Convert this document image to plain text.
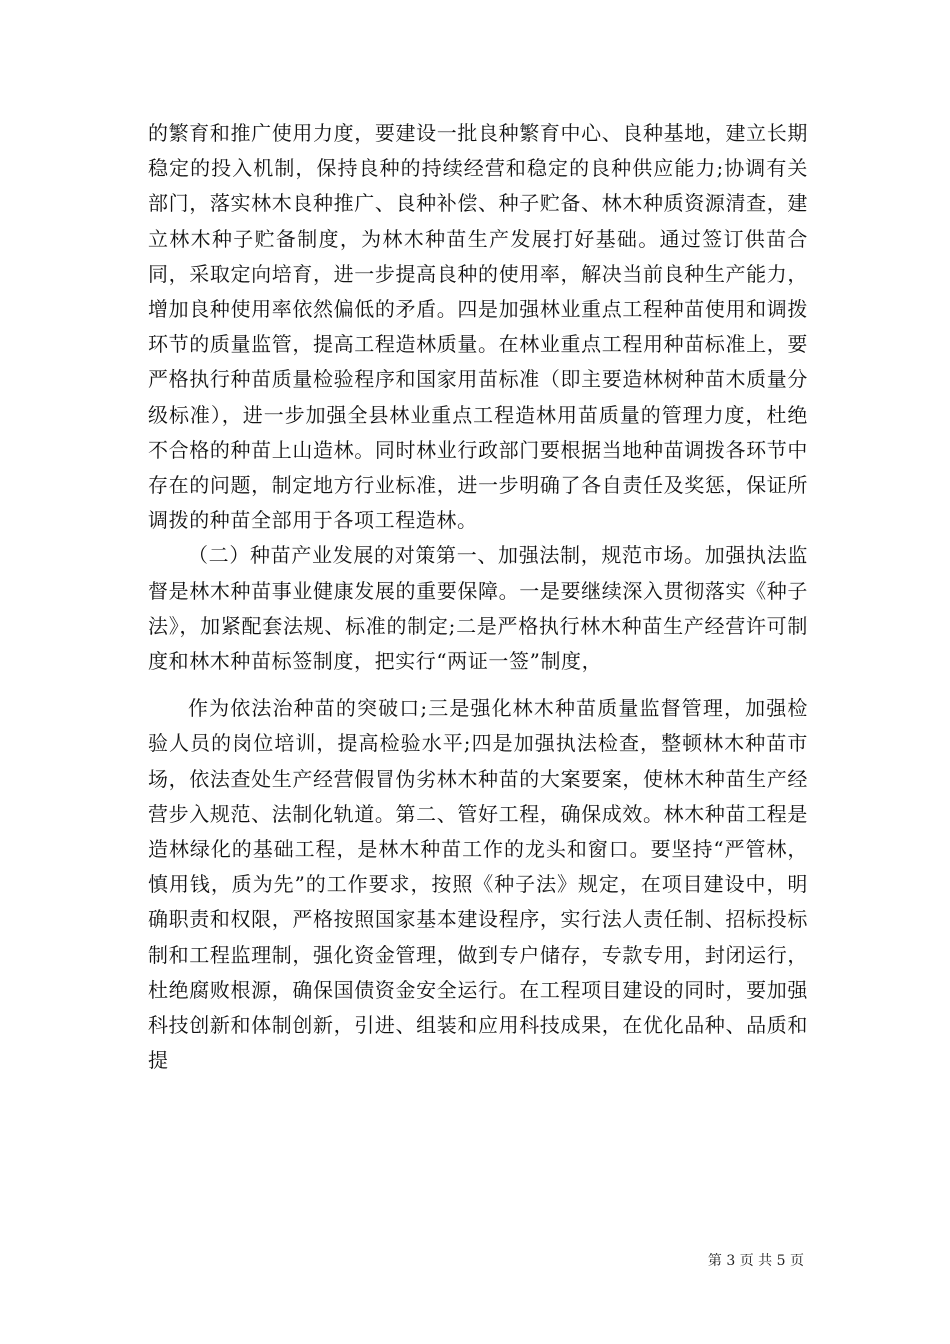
的繁育和推广使用力度，要建设一批良种繁育中心、良种基地，建立长期稳定的投入机制，保持良种的持续经营和稳定的良种供应能力;协调有关部门，落实林木良种推广、良种补偿、种子贮备、林木种质资源清查，建立林木种子贮备制度，为林木种苗生产发展打好基础。通过签订供苗合同，采取定向培育，进一步提高良种的使用率，解决当前良种生产能力，增加良种使用率依然偏低的矛盾。四是加强林业重点工程种苗使用和调拨环节的质量监管，提高工程造林质量。在林业重点工程用种苗标准上，要严格执行种苗质量检验程序和国家用苗标准（即主要造林树种苗木质量分级标准），进一步加强全县林业重点工程造林用苗质量的管理力度，杜绝不合格的种苗上山造林。同时林业行政部门要根据当地种苗调拨各环节中存在的问题，制定地方行业标准，进一步明确了各自责任及奖惩，保证所调拨的种苗全部用于各项工程造林。

（二）种苗产业发展的对策第一、加强法制，规范市场。加强执法监督是林木种苗事业健康发展的重要保障。一是要继续深入贯彻落实《种子法》，加紧配套法规、标准的制定;二是严格执行林木种苗生产经营许可制度和林木种苗标签制度，把实行“两证一签”制度，

作为依法治种苗的突破口;三是强化林木种苗质量监督管理，加强检验人员的岗位培训，提高检验水平;四是加强执法检查，整顿林木种苗市场，依法查处生产经营假冒伪劣林木种苗的大案要案，使林木种苗生产经营步入规范、法制化轨道。第二、管好工程，确保成效。林木种苗工程是造林绿化的基础工程，是林木种苗工作的龙头和窗口。要坚持“严管林，慎用钱，质为先”的工作要求，按照《种子法》规定，在项目建设中，明确职责和权限，严格按照国家基本建设程序，实行法人责任制、招标投标制和工程监理制，强化资金管理，做到专户储存，专款专用，封闭运行，杜绝腐败根源，确保国债资金安全运行。在工程项目建设的同时，要加强科技创新和体制创新，引进、组装和应用科技成果，在优化品种、品质和提

第 3 页 共 5 页
